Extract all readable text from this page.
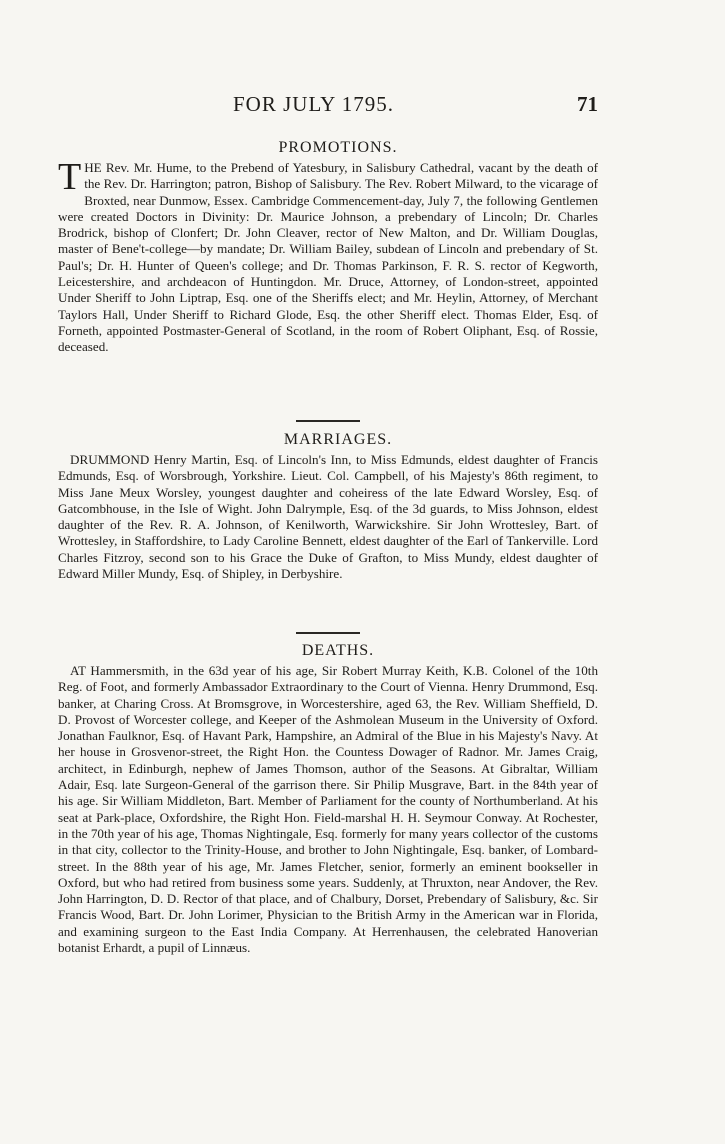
FOR JULY 1795.	71
PROMOTIONS.
THE Rev. Mr. Hume, to the Prebend of Yatesbury, in Salisbury Cathedral, vacant by the death of the Rev. Dr. Harrington; patron, Bishop of Salisbury. The Rev. Robert Milward, to the vicarage of Broxted, near Dunmow, Essex. Cambridge Commencement-day, July 7, the following Gentlemen were created Doctors in Divinity: Dr. Maurice Johnson, a prebendary of Lincoln; Dr. Charles Brodrick, bishop of Clonfert; Dr. John Cleaver, rector of New Malton, and Dr. William Douglas, master of Bene't-college—by mandate; Dr. William Bailey, subdean of Lincoln and prebendary of St. Paul's; Dr. H. Hunter of Queen's college; and Dr. Thomas Parkinson, F. R. S. rector of Kegworth, Leicestershire, and archdeacon of Huntingdon. Mr. Druce, Attorney, of London-street, appointed Under Sheriff to John Liptrap, Esq. one of the Sheriffs elect; and Mr. Heylin, Attorney, of Merchant Taylors Hall, Under Sheriff to Richard Glode, Esq. the other Sheriff elect. Thomas Elder, Esq. of Forneth, appointed Postmaster-General of Scotland, in the room of Robert Oliphant, Esq. of Rossie, deceased.
MARRIAGES.
DRUMMOND Henry Martin, Esq. of Lincoln's Inn, to Miss Edmunds, eldest daughter of Francis Edmunds, Esq. of Worsbrough, Yorkshire. Lieut. Col. Campbell, of his Majesty's 86th regiment, to Miss Jane Meux Worsley, youngest daughter and coheiress of the late Edward Worsley, Esq. of Gatcombhouse, in the Isle of Wight. John Dalrymple, Esq. of the 3d guards, to Miss Johnson, eldest daughter of the Rev. R. A. Johnson, of Kenilworth, Warwickshire. Sir John Wrottesley, Bart. of Wrottesley, in Staffordshire, to Lady Caroline Bennett, eldest daughter of the Earl of Tankerville. Lord Charles Fitzroy, second son to his Grace the Duke of Grafton, to Miss Mundy, eldest daughter of Edward Miller Mundy, Esq. of Shipley, in Derbyshire.
DEATHS.
AT Hammersmith, in the 63d year of his age, Sir Robert Murray Keith, K.B. Colonel of the 10th Reg. of Foot, and formerly Ambassador Extraordinary to the Court of Vienna. Henry Drummond, Esq. banker, at Charing Cross. At Bromsgrove, in Worcestershire, aged 63, the Rev. William Sheffield, D. D. Provost of Worcester college, and Keeper of the Ashmolean Museum in the University of Oxford. Jonathan Faulknor, Esq. of Havant Park, Hampshire, an Admiral of the Blue in his Majesty's Navy. At her house in Grosvenor-street, the Right Hon. the Countess Dowager of Radnor. Mr. James Craig, architect, in Edinburgh, nephew of James Thomson, author of the Seasons. At Gibraltar, William Adair, Esq. late Surgeon-General of the garrison there. Sir Philip Musgrave, Bart. in the 84th year of his age. Sir William Middleton, Bart. Member of Parliament for the county of Northumberland. At his seat at Park-place, Oxfordshire, the Right Hon. Field-marshal H. H. Seymour Conway. At Rochester, in the 70th year of his age, Thomas Nightingale, Esq. formerly for many years collector of the customs in that city, collector to the Trinity-House, and brother to John Nightingale, Esq. banker, of Lombard-street. In the 88th year of his age, Mr. James Fletcher, senior, formerly an eminent bookseller in Oxford, but who had retired from business some years. Suddenly, at Thruxton, near Andover, the Rev. John Harrington, D. D. Rector of that place, and of Chalbury, Dorset, Prebendary of Salisbury, &c. Sir Francis Wood, Bart. Dr. John Lorimer, Physician to the British Army in the American war in Florida, and examining surgeon to the East India Company. At Herrenhausen, the celebrated Hanoverian botanist Erhardt, a pupil of Linnæus.
